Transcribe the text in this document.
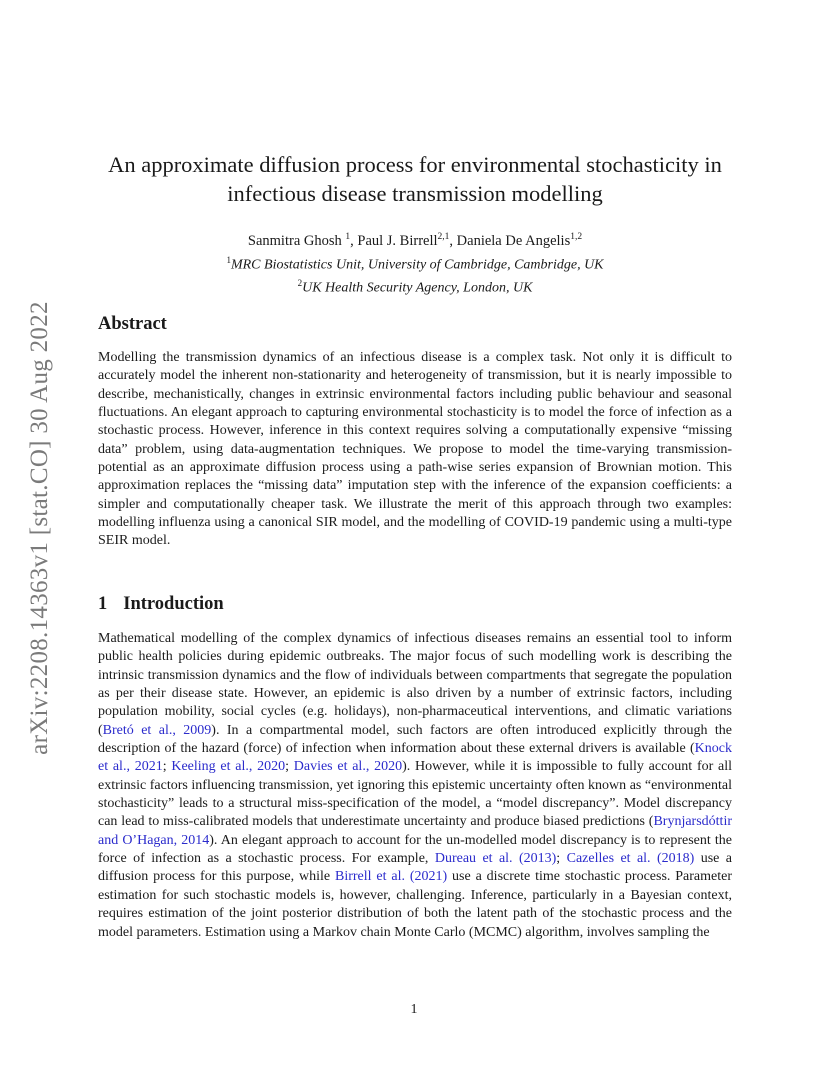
arXiv:2208.14363v1 [stat.CO] 30 Aug 2022
An approximate diffusion process for environmental stochasticity in infectious disease transmission modelling
Sanmitra Ghosh $^1$, Paul J. Birrell$^{2,1}$, Daniela De Angelis$^{1,2}$
$^1$MRC Biostatistics Unit, University of Cambridge, Cambridge, UK
$^2$UK Health Security Agency, London, UK
Abstract

Modelling the transmission dynamics of an infectious disease is a complex task. Not only it is difficult to accurately model the inherent non-stationarity and heterogeneity of transmission, but it is nearly impossible to describe, mechanistically, changes in extrinsic environmental factors including public behaviour and seasonal fluctuations. An elegant approach to capturing environmental stochasticity is to model the force of infection as a stochastic process. However, inference in this context requires solving a computationally expensive “missing data” problem, using data-augmentation techniques. We propose to model the time-varying transmission-potential as an approximate diffusion process using a path-wise series expansion of Brownian motion. This approximation replaces the “missing data” imputation step with the inference of the expansion coefficients: a simpler and computationally cheaper task. We illustrate the merit of this approach through two examples: modelling influenza using a canonical SIR model, and the modelling of COVID-19 pandemic using a multi-type SEIR model.

1 Introduction

Mathematical modelling of the complex dynamics of infectious diseases remains an essential tool to inform public health policies during epidemic outbreaks. The major focus of such modelling work is describing the intrinsic transmission dynamics and the flow of individuals between compartments that segregate the population as per their disease state. However, an epidemic is also driven by a number of extrinsic factors, including population mobility, social cycles (e.g. holidays), non-pharmaceutical interventions, and climatic variations (Bretó et al., 2009). In a compartmental model, such factors are often introduced explicitly through the description of the hazard (force) of infection when information about these external drivers is available (Knock et al., 2021; Keeling et al., 2020; Davies et al., 2020). However, while it is impossible to fully account for all extrinsic factors influencing transmission, yet ignoring this epistemic uncertainty often known as “environmental stochasticity” leads to a structural miss-specification of the model, a “model discrepancy”. Model discrepancy can lead to miss-calibrated models that underestimate uncertainty and produce biased predictions (Brynjarsdóttir and O’Hagan, 2014). An elegant approach to account for the un-modelled model discrepancy is to represent the force of infection as a stochastic process. For example, Dureau et al. (2013); Cazelles et al. (2018) use a diffusion process for this purpose, while Birrell et al. (2021) use a discrete time stochastic process. Parameter estimation for such stochastic models is, however, challenging. Inference, particularly in a Bayesian context, requires estimation of the joint posterior distribution of both the latent path of the stochastic process and the model parameters. Estimation using a Markov chain Monte Carlo (MCMC) algorithm, involves sampling the

1
